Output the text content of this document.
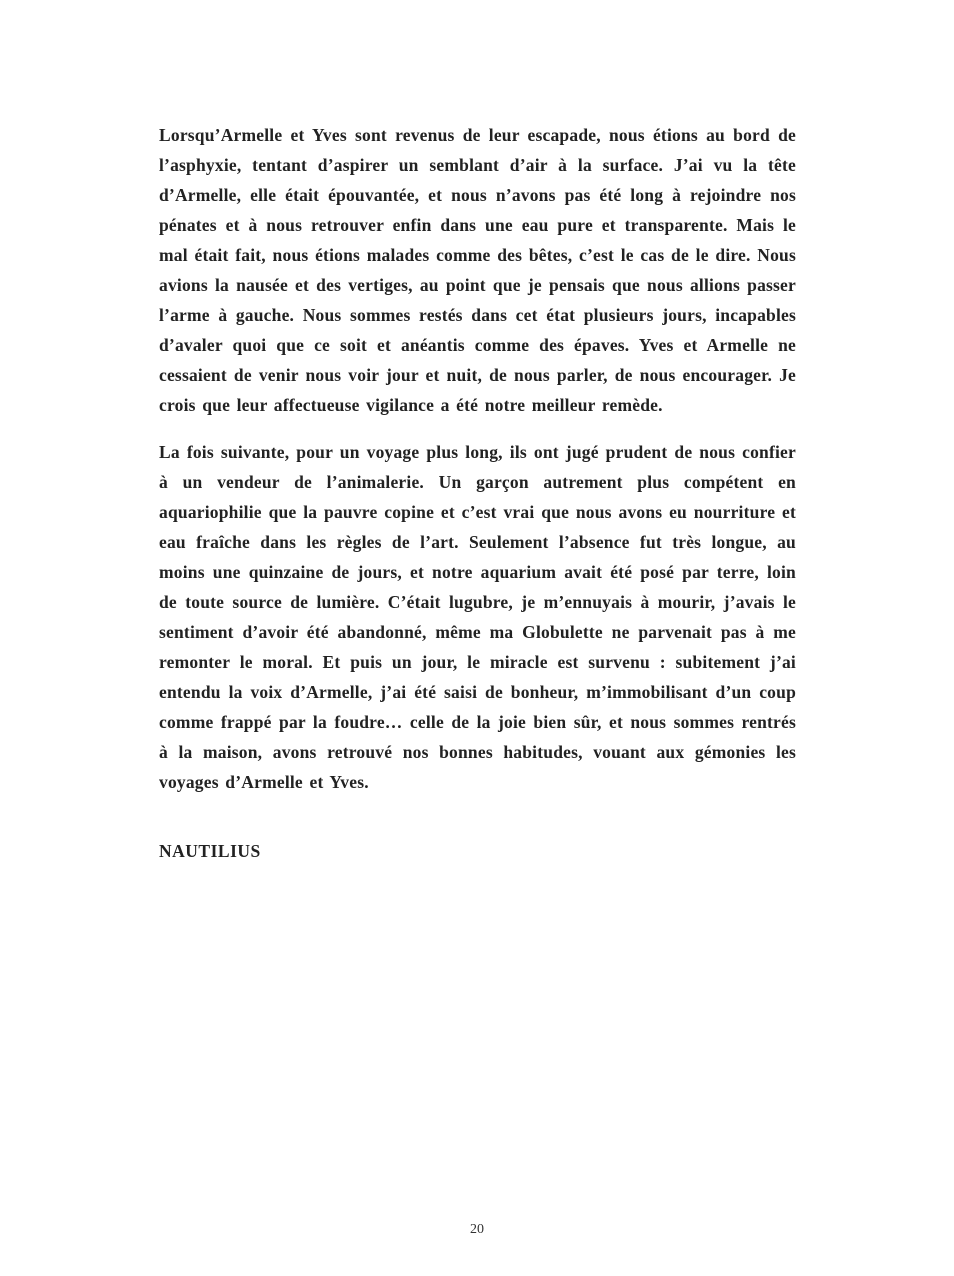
Lorsqu’Armelle et Yves sont revenus de leur escapade, nous étions au bord de l’asphyxie, tentant d’aspirer un semblant d’air à la surface. J’ai vu la tête d’Armelle, elle était épouvantée, et nous n’avons pas été long à rejoindre nos pénates et à nous retrouver enfin dans une eau pure et transparente. Mais le mal était fait, nous étions malades comme des bêtes, c’est le cas de le dire. Nous avions la nausée et des vertiges, au point que je pensais que nous allions passer l’arme à gauche. Nous sommes restés dans cet état plusieurs jours, incapables d’avaler quoi que ce soit et anéantis comme des épaves. Yves et Armelle ne cessaient de venir nous voir jour et nuit, de nous parler, de nous encourager. Je crois que leur affectueuse vigilance a été notre meilleur remède.

La fois suivante, pour un voyage plus long, ils ont jugé prudent de nous confier à un vendeur de l’animalerie. Un garçon autrement plus compétent en aquariophilie que la pauvre copine et c’est vrai que nous avons eu nourriture et eau fraîche dans les règles de l’art. Seulement l’absence fut très longue, au moins une quinzaine de jours, et notre aquarium avait été posé par terre, loin de toute source de lumière. C’était lugubre, je m’ennuyais à mourir, j’avais le sentiment d’avoir été abandonné, même ma Globulette ne parvenait pas à me remonter le moral. Et puis un jour, le miracle est survenu : subitement j’ai entendu la voix d’Armelle, j’ai été saisi de bonheur, m’immobilisant d’un coup comme frappé par la foudre… celle de la joie bien sûr, et nous sommes rentrés à la maison, avons retrouvé nos bonnes habitudes, vouant aux gémonies les voyages d’Armelle et Yves.

NAUTILIUS
20
